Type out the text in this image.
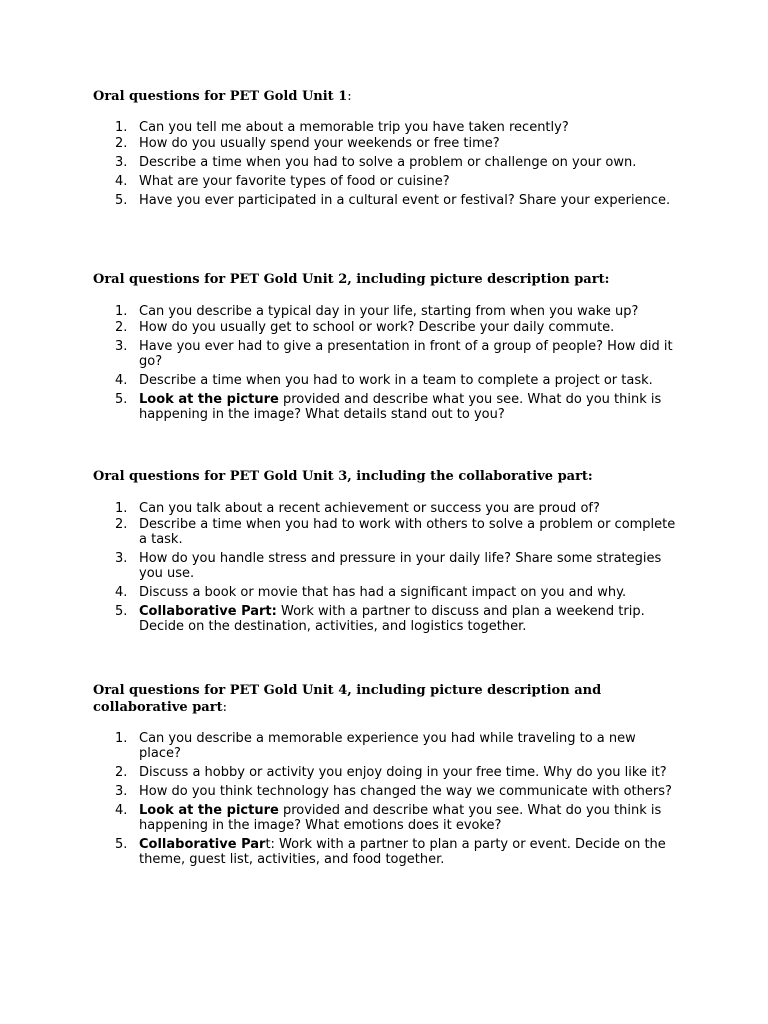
Oral questions for PET Gold Unit 1:

1. Can you tell me about a memorable trip you have taken recently?
2. How do you usually spend your weekends or free time?
3. Describe a time when you had to solve a problem or challenge on your own.
4. What are your favorite types of food or cuisine?
5. Have you ever participated in a cultural event or festival? Share your experience.

Oral questions for PET Gold Unit 2, including picture description part:

1. Can you describe a typical day in your life, starting from when you wake up?
2. How do you usually get to school or work? Describe your daily commute.
3. Have you ever had to give a presentation in front of a group of people? How did it go?
4. Describe a time when you had to work in a team to complete a project or task.
5. Look at the picture provided and describe what you see. What do you think is happening in the image? What details stand out to you?

Oral questions for PET Gold Unit 3, including the collaborative part:

1. Can you talk about a recent achievement or success you are proud of?
2. Describe a time when you had to work with others to solve a problem or complete a task.
3. How do you handle stress and pressure in your daily life? Share some strategies you use.
4. Discuss a book or movie that has had a significant impact on you and why.
5. Collaborative Part: Work with a partner to discuss and plan a weekend trip. Decide on the destination, activities, and logistics together.

Oral questions for PET Gold Unit 4, including picture description and collaborative part:

1. Can you describe a memorable experience you had while traveling to a new place?
2. Discuss a hobby or activity you enjoy doing in your free time. Why do you like it?
3. How do you think technology has changed the way we communicate with others?
4. Look at the picture provided and describe what you see. What do you think is happening in the image? What emotions does it evoke?
5. Collaborative Part: Work with a partner to plan a party or event. Decide on the theme, guest list, activities, and food together.
